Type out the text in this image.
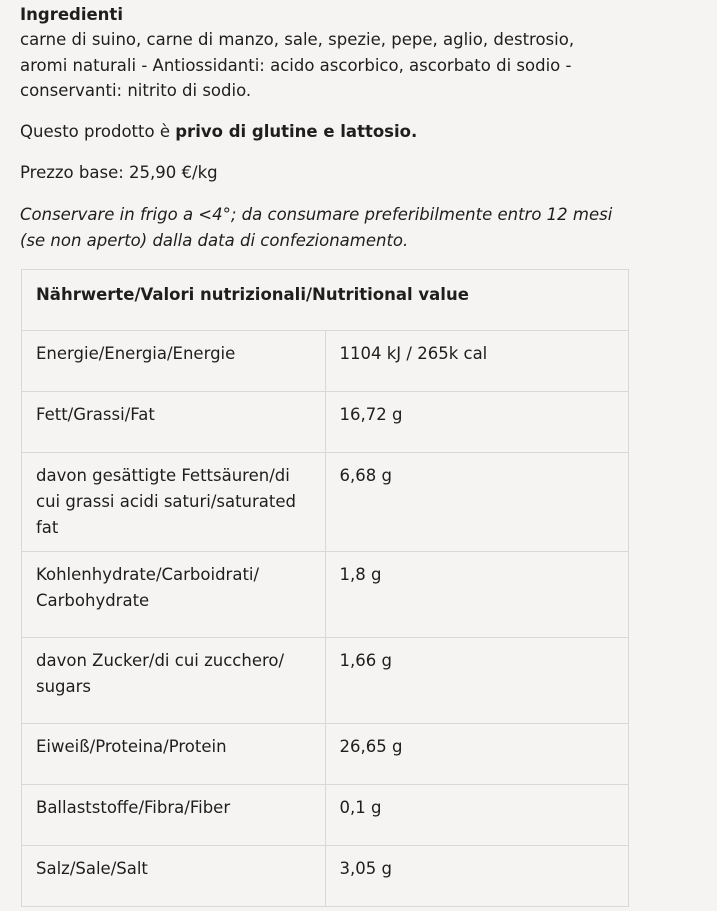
Ingredienti

carne di suino, carne di manzo, sale, spezie, pepe, aglio, destrosio, aromi naturali - Antiossidanti: acido ascorbico, ascorbato di sodio - conservanti: nitrito di sodio.

Questo prodotto è privo di glutine e lattosio.

Prezzo base: 25,90 €/kg

Conservare in frigo a <4°; da consumare preferibilmente entro 12 mesi (se non aperto) dalla data di confezionamento.

Nährwerte/Valori nutrizionali/Nutritional value	
Energie/Energia/Energie	1104 kJ / 265k cal
Fett/Grassi/Fat	16,72 g
davon gesättigte Fettsäuren/di cui grassi acidi saturi/saturated fat	6,68 g
Kohlenhydrate/Carboidrati/ Carbohydrate	1,8 g
davon Zucker/di cui zucchero/ sugars	1,66 g
Eiweiß/Proteina/Protein	26,65 g
Ballaststoffe/Fibra/Fiber	0,1 g
Salz/Sale/Salt	3,05 g
